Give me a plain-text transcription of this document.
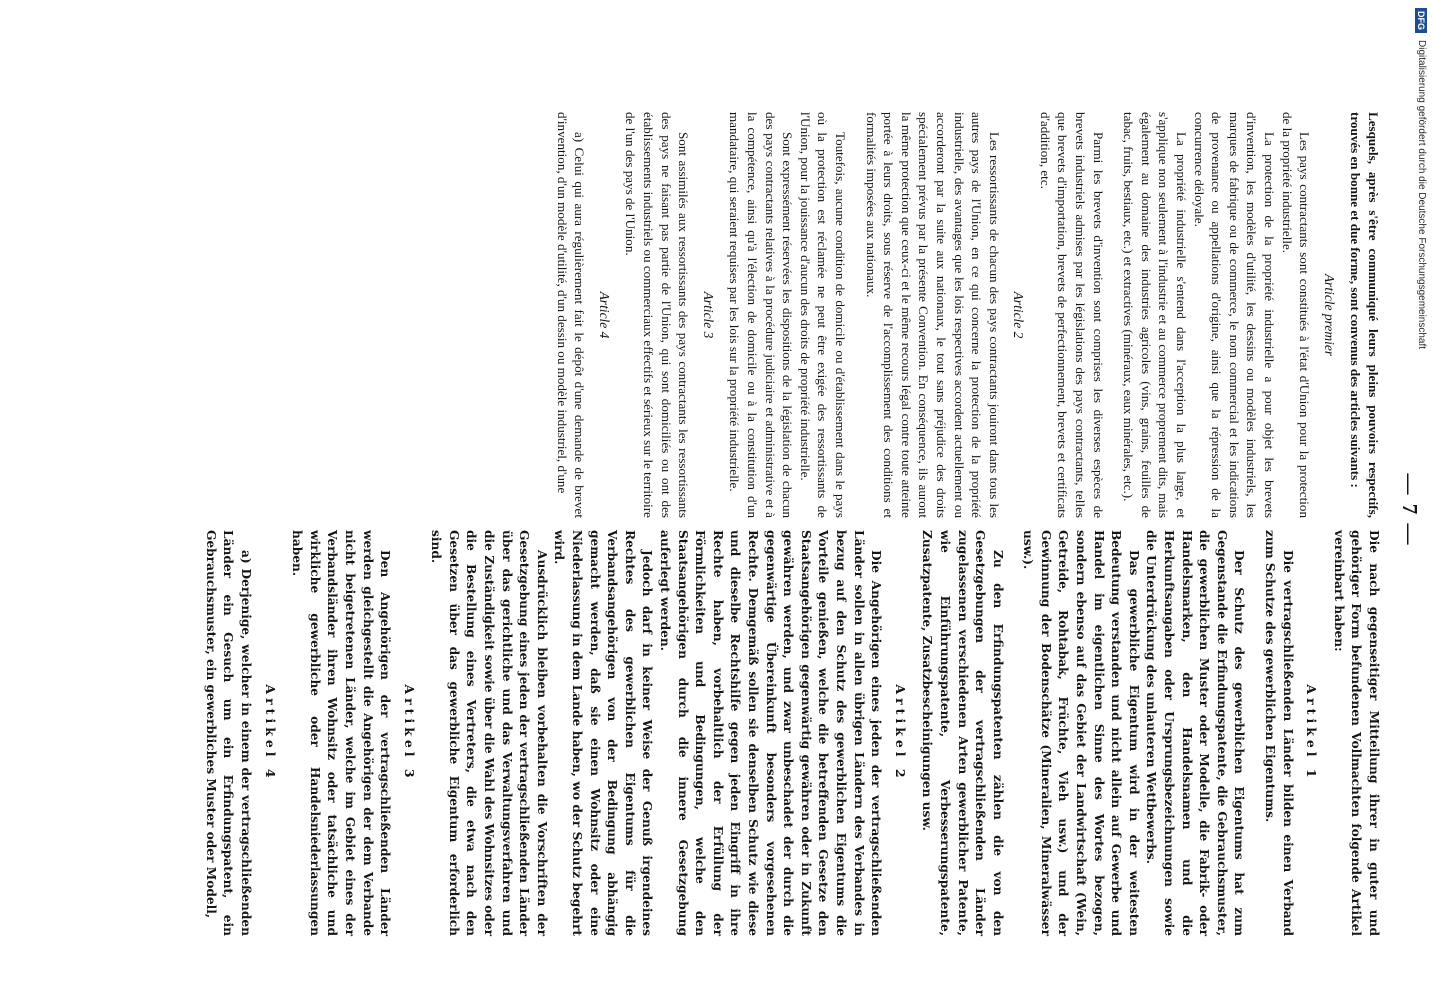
— 7 —

Lesquels, après s'être communiqué leurs pleins pouvoirs respectifs, trouvés en bonne et due forme, sont convenus des articles suivants :

Article premier

Les pays contractants sont constitués à l'état d'Union pour la protection de la propriété industrielle.

La protection de la propriété industrielle a pour objet les brevets d'invention, les modèles d'utilité, les dessins ou modèles industriels, les marques de fabrique ou de commerce, le nom commercial et les indications de provenance ou appellations d'origine, ainsi que la répression de la concurrence déloyale.

La propriété industrielle s'entend dans l'acception la plus large, et s'applique non seulement à l'industrie et au commerce proprement dits, mais également au domaine des industries agricoles (vins, grains, feuilles de tabac, fruits, bestiaux, etc.) et extractives (minéraux, eaux minérales, etc.).

Parmi les brevets d'invention sont comprises les diverses espèces de brevets industriels admises par les législations des pays contractants, telles que brevets d'importation, brevets de perfectionnement, brevets et certificats d'addition, etc.

Article 2

Les ressortissants de chacun des pays contractants jouiront dans tous les autres pays de l'Union, en ce qui concerne la protection de la propriété industrielle, des avantages que les lois respectives accordent actuellement ou accorderont par la suite aux nationaux, le tout sans préjudice des droits spécialement prévus par la présente Convention. En conséquence, ils auront la même protection que ceux-ci et le même recours légal contre toute atteinte portée à leurs droits, sous réserve de l'accomplissement des conditions et formalités imposées aux nationaux.

Toutefois, aucune condition de domicile ou d'établissement dans le pays où la protection est réclamée ne peut être exigée des ressortissants de l'Union, pour la jouissance d'aucun des droits de propriété industrielle.

Sont expressément réservées les dispositions de la législation de chacun des pays contractants relatives à la procédure judiciaire et administrative et à la compétence, ainsi qu'à l'élection de domicile ou à la constitution d'un mandataire, qui seraient requises par les lois sur la propriété industrielle.

Article 3

Sont assimilés aux ressortissants des pays contractants les ressortissants des pays ne faisant pas partie de l'Union, qui sont domiciliés ou ont des établissements industriels ou commerciaux effectifs et sérieux sur le territoire de l'un des pays de l'Union.

Article 4

a) Celui qui aura régulièrement fait le dépôt d'une demande de brevet d'invention, d'un modèle d'utilité, d'un dessin ou modèle industriel, d'une

Die nach gegenseitiger Mitteilung ihrer in guter und gehöriger Form befundenen Vollmachten folgende Artikel vereinbart haben:

Artikel 1

Die vertragschließenden Länder bilden einen Verband zum Schutze des gewerblichen Eigentums.

Der Schutz des gewerblichen Eigentums hat zum Gegenstande die Erfindungspatente, die Gebrauchsmuster, die gewerblichen Muster oder Modelle, die Fabrik- oder Handelsmarken, den Handelsnamen und die Herkunftsangaben oder Ursprungsbezeichnungen sowie die Unterdrückung des unlauteren Wettbewerbs.

Das gewerbliche Eigentum wird in der weitesten Bedeutung verstanden und nicht allein auf Gewerbe und Handel im eigentlichen Sinne des Wortes bezogen, sondern ebenso auf das Gebiet der Landwirtschaft (Wein, Getreide, Rohtabak, Früchte, Vieh usw.) und der Gewinnung der Bodenschätze (Mineralien, Mineralwässer usw.).

Zu den Erfindungspatenten zählen die von den Gesetzgebungen der vertragschließenden Länder zugelassenen verschiedenen Arten gewerblicher Patente, wie Einführungspatente, Verbesserungspatente, Zusatzpatente, Zusatzbescheinigungen usw.

Artikel 2

Die Angehörigen eines jeden der vertragschließenden Länder sollen in allen übrigen Ländern des Verbandes in bezug auf den Schutz des gewerblichen Eigentums die Vorteile genießen, welche die betreffenden Gesetze den Staatsangehörigen gegenwärtig gewähren oder in Zukunft gewähren werden, und zwar unbeschadet der durch die gegenwärtige Übereinkunft besonders vorgesehenen Rechte. Demgemäß sollen sie denselben Schutz wie diese und dieselbe Rechtshilfe gegen jeden Eingriff in ihre Rechte haben, vorbehaltlich der Erfüllung der Förmlichkeiten und Bedingungen, welche den Staatsangehörigen durch die innere Gesetzgebung auferlegt werden.

Jedoch darf in keiner Weise der Genuß irgendeines Rechtes des gewerblichen Eigentums für die Verbandsangehörigen von der Bedingung abhängig gemacht werden, daß sie einen Wohnsitz oder eine Niederlassung in dem Lande haben, wo der Schutz begehrt wird.

Ausdrücklich bleiben vorbehalten die Vorschriften der Gesetzgebung eines jeden der vertragschließenden Länder über das gerichtliche und das Verwaltungsverfahren und die Zuständigkeit sowie über die Wahl des Wohnsitzes oder die Bestellung eines Vertreters, die etwa nach den Gesetzen über das gewerbliche Eigentum erforderlich sind.

Artikel 3

Den Angehörigen der vertragschließenden Länder werden gleichgestellt die Angehörigen der dem Verbande nicht beigetretenen Länder, welche im Gebiet eines der Verbandsländer ihren Wohnsitz oder tatsächliche und wirkliche gewerbliche oder Handelsniederlassungen haben.

Artikel 4

a) Derjenige, welcher in einem der vertragschließenden Länder ein Gesuch um ein Erfindungspatent, ein Gebrauchsmuster, ein gewerbliches Muster oder Modell,

DFG Digitalisierung gefördert durch die Deutsche Forschungsgemeinschaft
